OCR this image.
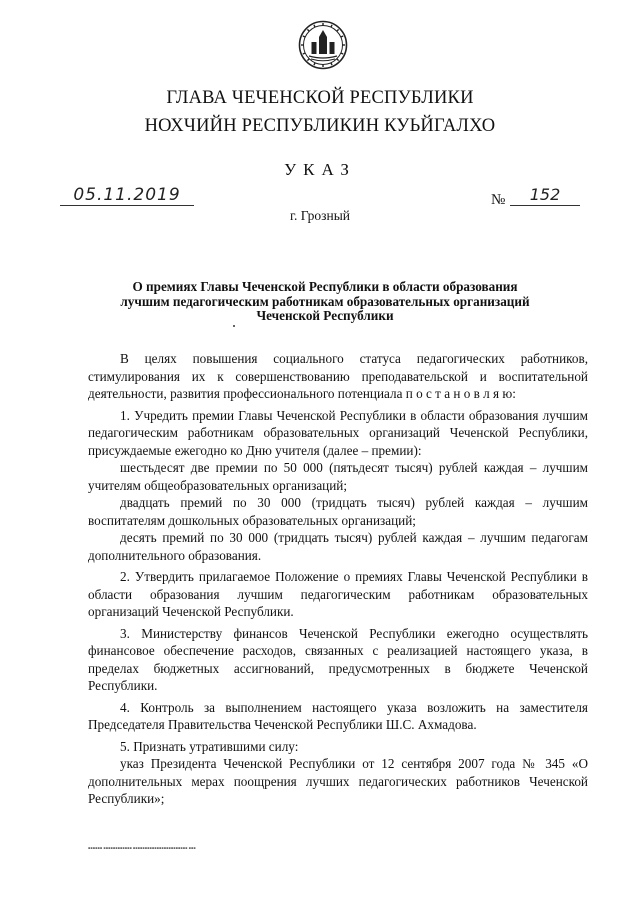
ГЛАВА ЧЕЧЕНСКОЙ РЕСПУБЛИКИ
НОХЧИЙН РЕСПУБЛИКИН КУЬЙГАЛХО
УКАЗ
05.11.2019	№	152
г. Грозный
О премиях Главы Чеченской Республики в области образования
лучшим педагогическим работникам образовательных организаций
Чеченской Республики

В целях повышения социального статуса педагогических работников, стимулирования их к совершенствованию преподавательской и воспитательной деятельности, развития профессионального потенциала п о с т а н о в л я ю:

1. Учредить премии Главы Чеченской Республики в области образования лучшим педагогическим работникам образовательных организаций Чеченской Республики, присуждаемые ежегодно ко Дню учителя (далее – премии):

шестьдесят две премии по 50 000 (пятьдесят тысяч) рублей каждая – лучшим учителям общеобразовательных организаций;

двадцать премий по 30 000 (тридцать тысяч) рублей каждая – лучшим воспитателям дошкольных образовательных организаций;

десять премий по 30 000 (тридцать тысяч) рублей каждая – лучшим педагогам дополнительного образования.

2. Утвердить прилагаемое Положение о премиях Главы Чеченской Республики в области образования лучшим педагогическим работникам образовательных организаций Чеченской Республики.

3. Министерству финансов Чеченской Республики ежегодно осуществлять финансовое обеспечение расходов, связанных с реализацией настоящего указа, в пределах бюджетных ассигнований, предусмотренных в бюджете Чеченской Республики.

4. Контроль за выполнением настоящего указа возложить на заместителя Председателя Правительства Чеченской Республики Ш.С. Ахмадова.

5. Признать утратившими силу:

указ Президента Чеченской Республики от 12 сентября 2007 года № 345 «О дополнительных мерах поощрения лучших педагогических работников Чеченской Республики»;

▪▪▪▪▪▪ ▪▪▪▪▪▪▪▪▪▪▪▪ ▪▪▪▪▪▪▪▪▪▪▪▪▪▪▪▪▪▪▪▪▪▪▪ ▪▪▪
